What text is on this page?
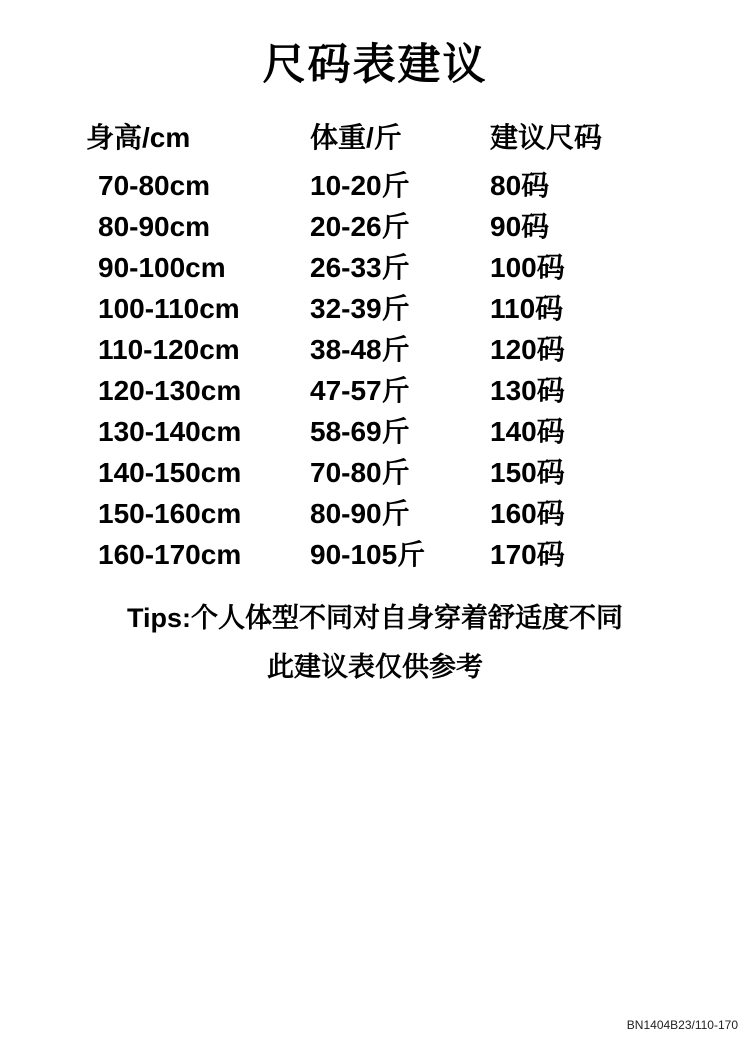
尺码表建议
身高/cm	体重/斤	建议尺码
70-80cm	10-20斤	80码
80-90cm	20-26斤	90码
90-100cm	26-33斤	100码
100-110cm	32-39斤	110码
110-120cm	38-48斤	120码
120-130cm	47-57斤	130码
130-140cm	58-69斤	140码
140-150cm	70-80斤	150码
150-160cm	80-90斤	160码
160-170cm	90-105斤	170码
Tips:个人体型不同对自身穿着舒适度不同
此建议表仅供参考
BN1404B23/110-170
